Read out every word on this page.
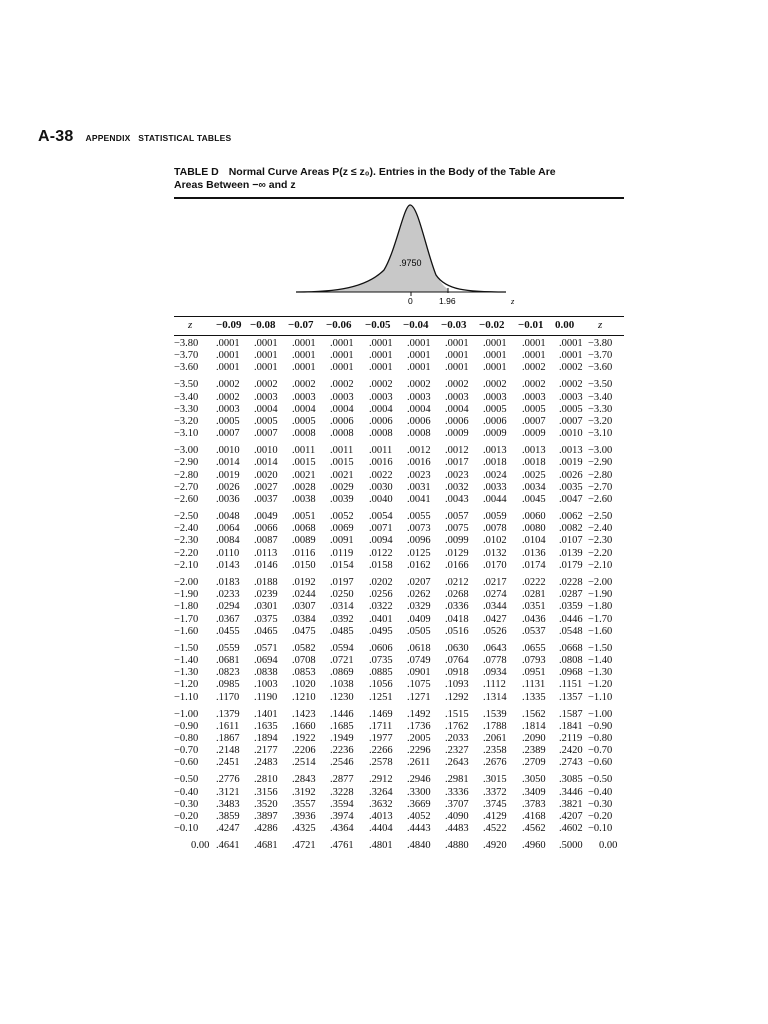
A-38 APPENDIX   STATISTICAL TABLES
TABLE D Normal Curve Areas P(z ≤ z₀). Entries in the Body of the Table Are
Areas Between −∞ and z
.9750
0	1.96	z
z −0.09 −0.08 −0.07 −0.06 −0.05 −0.04 −0.03 −0.02 −0.01 0.00 z
−3.80 .0001 .0001 .0001 .0001 .0001 .0001 .0001 .0001 .0001 .0001 −3.80
−3.70 .0001 .0001 .0001 .0001 .0001 .0001 .0001 .0001 .0001 .0001 −3.70
−3.60 .0001 .0001 .0001 .0001 .0001 .0001 .0001 .0001 .0002 .0002 −3.60
−3.50 .0002 .0002 .0002 .0002 .0002 .0002 .0002 .0002 .0002 .0002 −3.50
−3.40 .0002 .0003 .0003 .0003 .0003 .0003 .0003 .0003 .0003 .0003 −3.40
−3.30 .0003 .0004 .0004 .0004 .0004 .0004 .0004 .0005 .0005 .0005 −3.30
−3.20 .0005 .0005 .0005 .0006 .0006 .0006 .0006 .0006 .0007 .0007 −3.20
−3.10 .0007 .0007 .0008 .0008 .0008 .0008 .0009 .0009 .0009 .0010 −3.10
−3.00 .0010 .0010 .0011 .0011 .0011 .0012 .0012 .0013 .0013 .0013 −3.00
−2.90 .0014 .0014 .0015 .0015 .0016 .0016 .0017 .0018 .0018 .0019 −2.90
−2.80 .0019 .0020 .0021 .0021 .0022 .0023 .0023 .0024 .0025 .0026 −2.80
−2.70 .0026 .0027 .0028 .0029 .0030 .0031 .0032 .0033 .0034 .0035 −2.70
−2.60 .0036 .0037 .0038 .0039 .0040 .0041 .0043 .0044 .0045 .0047 −2.60
−2.50 .0048 .0049 .0051 .0052 .0054 .0055 .0057 .0059 .0060 .0062 −2.50
−2.40 .0064 .0066 .0068 .0069 .0071 .0073 .0075 .0078 .0080 .0082 −2.40
−2.30 .0084 .0087 .0089 .0091 .0094 .0096 .0099 .0102 .0104 .0107 −2.30
−2.20 .0110 .0113 .0116 .0119 .0122 .0125 .0129 .0132 .0136 .0139 −2.20
−2.10 .0143 .0146 .0150 .0154 .0158 .0162 .0166 .0170 .0174 .0179 −2.10
−2.00 .0183 .0188 .0192 .0197 .0202 .0207 .0212 .0217 .0222 .0228 −2.00
−1.90 .0233 .0239 .0244 .0250 .0256 .0262 .0268 .0274 .0281 .0287 −1.90
−1.80 .0294 .0301 .0307 .0314 .0322 .0329 .0336 .0344 .0351 .0359 −1.80
−1.70 .0367 .0375 .0384 .0392 .0401 .0409 .0418 .0427 .0436 .0446 −1.70
−1.60 .0455 .0465 .0475 .0485 .0495 .0505 .0516 .0526 .0537 .0548 −1.60
−1.50 .0559 .0571 .0582 .0594 .0606 .0618 .0630 .0643 .0655 .0668 −1.50
−1.40 .0681 .0694 .0708 .0721 .0735 .0749 .0764 .0778 .0793 .0808 −1.40
−1.30 .0823 .0838 .0853 .0869 .0885 .0901 .0918 .0934 .0951 .0968 −1.30
−1.20 .0985 .1003 .1020 .1038 .1056 .1075 .1093 .1112 .1131 .1151 −1.20
−1.10 .1170 .1190 .1210 .1230 .1251 .1271 .1292 .1314 .1335 .1357 −1.10
−1.00 .1379 .1401 .1423 .1446 .1469 .1492 .1515 .1539 .1562 .1587 −1.00
−0.90 .1611 .1635 .1660 .1685 .1711 .1736 .1762 .1788 .1814 .1841 −0.90
−0.80 .1867 .1894 .1922 .1949 .1977 .2005 .2033 .2061 .2090 .2119 −0.80
−0.70 .2148 .2177 .2206 .2236 .2266 .2296 .2327 .2358 .2389 .2420 −0.70
−0.60 .2451 .2483 .2514 .2546 .2578 .2611 .2643 .2676 .2709 .2743 −0.60
−0.50 .2776 .2810 .2843 .2877 .2912 .2946 .2981 .3015 .3050 .3085 −0.50
−0.40 .3121 .3156 .3192 .3228 .3264 .3300 .3336 .3372 .3409 .3446 −0.40
−0.30 .3483 .3520 .3557 .3594 .3632 .3669 .3707 .3745 .3783 .3821 −0.30
−0.20 .3859 .3897 .3936 .3974 .4013 .4052 .4090 .4129 .4168 .4207 −0.20
−0.10 .4247 .4286 .4325 .4364 .4404 .4443 .4483 .4522 .4562 .4602 −0.10
0.00 .4641 .4681 .4721 .4761 .4801 .4840 .4880 .4920 .4960 .5000 0.00
